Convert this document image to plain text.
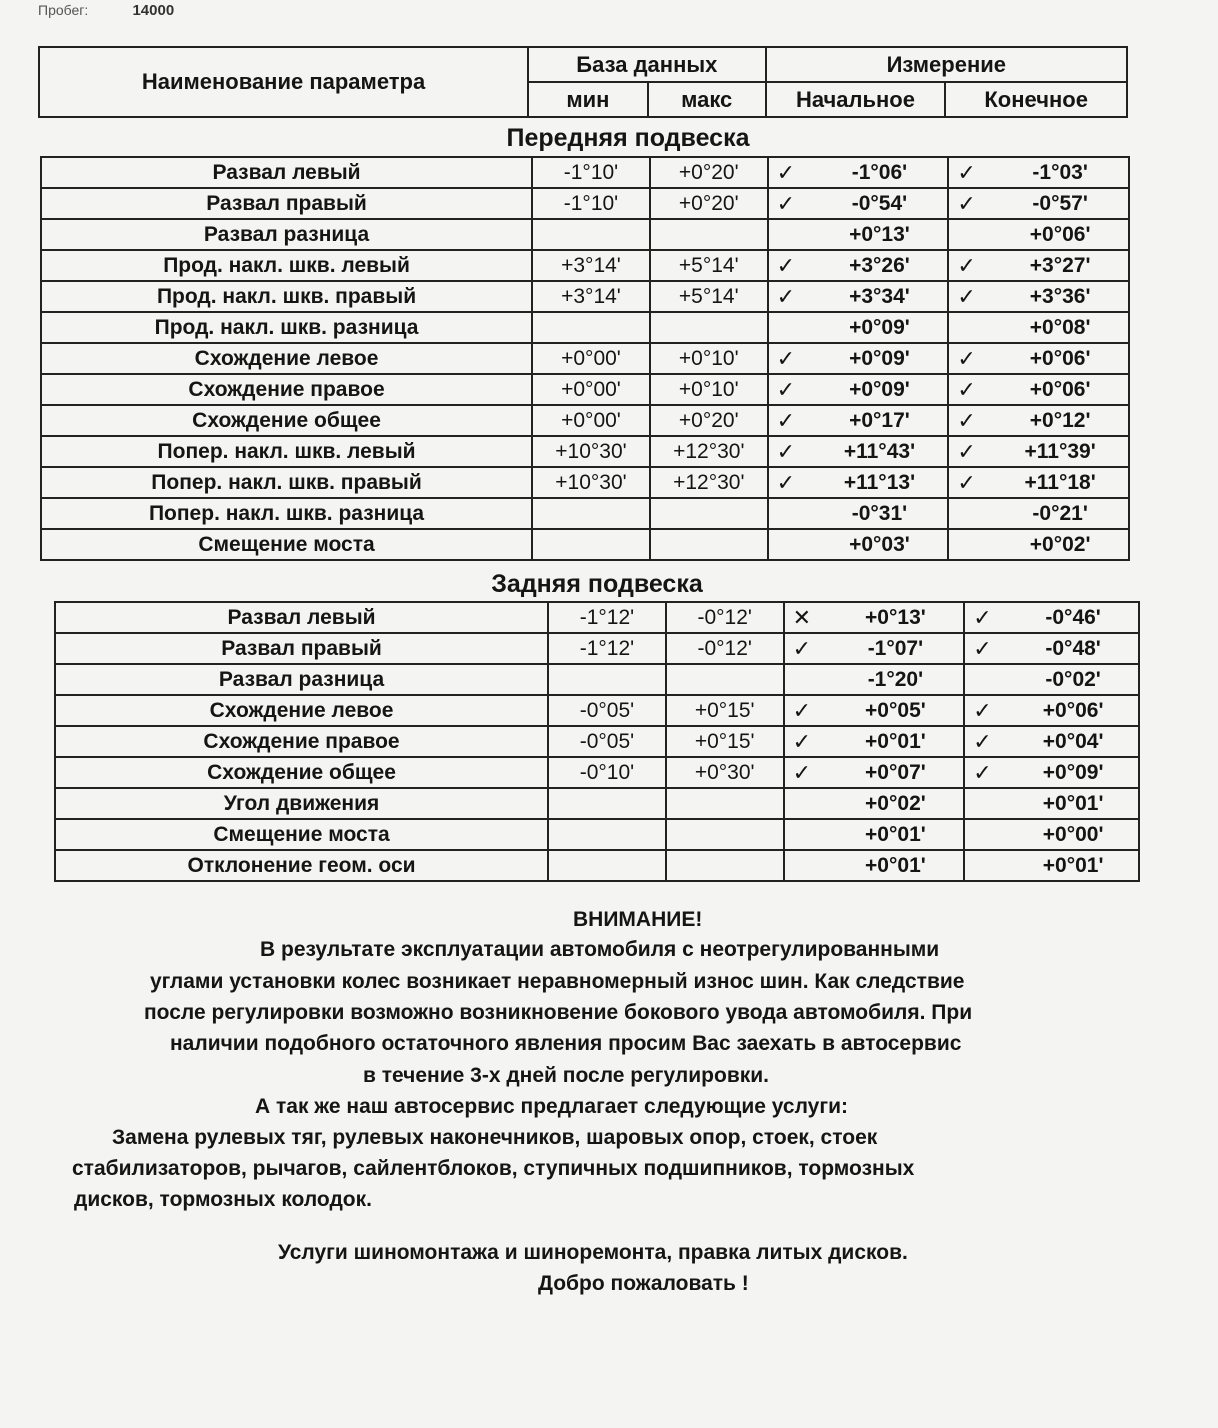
Пробег:	14000
Наименование параметра	База данных		Измерение	
	мин	макс	Начальное	Конечное
Передняя подвеска
Развал левый	-1°10'	+0°20'	✓	-1°06'	✓	-1°03'
Развал правый	-1°10'	+0°20'	✓	-0°54'	✓	-0°57'
Развал разница				+0°13'		+0°06'
Прод. накл. шкв. левый	+3°14'	+5°14'	✓	+3°26'	✓	+3°27'
Прод. накл. шкв. правый	+3°14'	+5°14'	✓	+3°34'	✓	+3°36'
Прод. накл. шкв. разница				+0°09'		+0°08'
Схождение левое	+0°00'	+0°10'	✓	+0°09'	✓	+0°06'
Схождение правое	+0°00'	+0°10'	✓	+0°09'	✓	+0°06'
Схождение общее	+0°00'	+0°20'	✓	+0°17'	✓	+0°12'
Попер. накл. шкв. левый	+10°30'	+12°30'	✓	+11°43'	✓	+11°39'
Попер. накл. шкв. правый	+10°30'	+12°30'	✓	+11°13'	✓	+11°18'
Попер. накл. шкв. разница				-0°31'		-0°21'
Смещение моста				+0°03'		+0°02'
Задняя подвеска
Развал левый	-1°12'	-0°12'	✕	+0°13'	✓	-0°46'
Развал правый	-1°12'	-0°12'	✓	-1°07'	✓	-0°48'
Развал разница				-1°20'		-0°02'
Схождение левое	-0°05'	+0°15'	✓	+0°05'	✓	+0°06'
Схождение правое	-0°05'	+0°15'	✓	+0°01'	✓	+0°04'
Схождение общее	-0°10'	+0°30'	✓	+0°07'	✓	+0°09'
Угол движения				+0°02'		+0°01'
Смещение моста				+0°01'		+0°00'
Отклонение геом. оси				+0°01'		+0°01'
ВНИМАНИЕ!
В результате эксплуатации автомобиля с неотрегулированными
углами установки колес возникает неравномерный износ шин. Как следствие
после регулировки возможно возникновение бокового увода автомобиля. При
наличии подобного остаточного явления просим Вас заехать в автосервис
в течение 3-х дней после регулировки.
А так же наш автосервис предлагает следующие услуги:
Замена рулевых тяг, рулевых наконечников, шаровых опор, стоек, стоек
стабилизаторов, рычагов, сайлентблоков, ступичных подшипников, тормозных
дисков, тормозных колодок.
Услуги шиномонтажа и шиноремонта, правка литых дисков.
Добро пожаловать !
